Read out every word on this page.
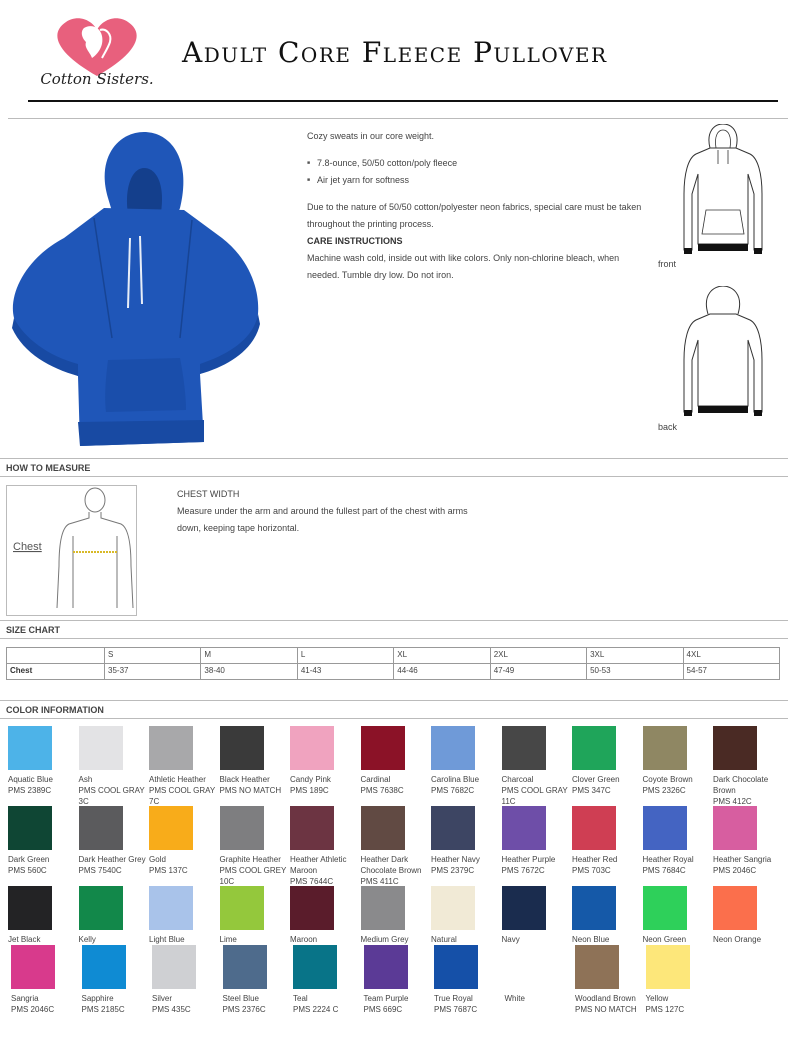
Cotton Sisters.
Adult Core Fleece Pullover

Cozy sweats in our core weight.

■ 7.8-ounce, 50/50 cotton/poly fleece
■ Air jet yarn for softness

Due to the nature of 50/50 cotton/polyester neon fabrics, special care must be taken throughout the printing process.

CARE INSTRUCTIONS

Machine wash cold, inside out with like colors. Only non-chlorine bleach, when needed. Tumble dry low. Do not iron.

front
back
HOW TO MEASURE
Chest

CHEST WIDTH

Measure under the arm and around the fullest part of the chest with arms down, keeping tape horizontal.

SIZE CHART
	S	M	L	XL	2XL	3XL	4XL
Chest	35-37	38-40	41-43	44-46	47-49	50-53	54-57
COLOR INFORMATION
Aquatic Blue
PMS 2389C
Ash
PMS COOL GRAY 3C
Athletic Heather
PMS COOL GRAY 7C
Black Heather
PMS NO MATCH
Candy Pink
PMS 189C
Cardinal
PMS 7638C
Carolina Blue
PMS 7682C
Charcoal
PMS COOL GRAY 11C
Clover Green
PMS 347C
Coyote Brown
PMS 2326C
Dark Chocolate Brown
PMS 412C
Dark Green
PMS 560C
Dark Heather Grey
PMS 7540C
Gold
PMS 137C
Graphite Heather
PMS COOL GREY 10C
Heather Athletic Maroon
PMS 7644C
Heather Dark Chocolate Brown
PMS 411C
Heather Navy
PMS 2379C
Heather Purple
PMS 7672C
Heather Red
PMS 703C
Heather Royal
PMS 7684C
Heather Sangria
PMS 2046C
Jet Black	Kelly	Light Blue	Lime	Maroon	Medium Grey	Natural	Navy	Neon Blue	Neon Green	Neon Orange
Sangria
PMS 2046C
Sapphire
PMS 2185C
Silver
PMS 435C
Steel Blue
PMS 2376C
Teal
PMS 2224 C
Team Purple
PMS 669C
True Royal
PMS 7687C
White	Woodland Brown
PMS NO MATCH
Yellow
PMS 127C
